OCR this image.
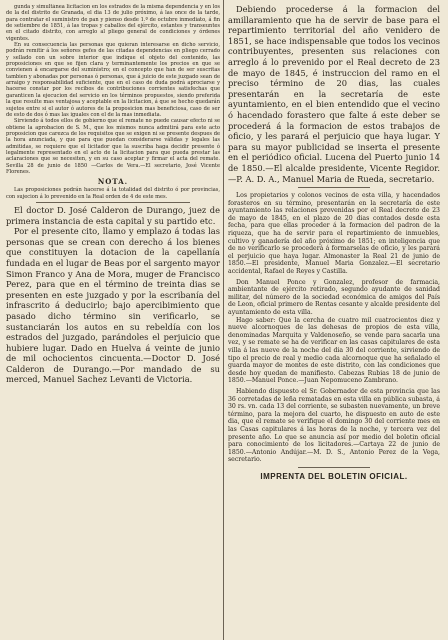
gunda y simultánea licitacion en los estrados de la misma dependencia y en los de la del distrito de Granada, el dia 13 de julio próximo, á las once de la tarde, para contratar el suministro de pan y pienso desde 1.º de octubre inmediato, á fin de setiembre de 1851, á las tropas y caballos del ejército, estantes y transeuntes en el citado distrito, con arreglo al pliego general de condiciones y órdenes vigentes.

En su consecuencia las personas que quieran interesarse en dicho servicio, podrán remitir á los señores gefes de las citadas dependencias en pliego cerrado y sellado con un sobre interior que indique el objeto del contenido, las proposiciones en que se fijen clara y terminantemente los precios en que se convienen á encargarse del suministro; en el concepto que han de ser suscritas tambien y abonadas por personas ó personas, que á juicio de este juzgado sean de arraigo y responsabilidad suficiente, que en el caso de duda podrá aprociarse y hacerse constar por los recibos de contribuciones corrientes satisfechas que garanticen la ejecucion del servicio en los términos propuestos, siendo preferida la que resulte mas ventajosa y aceptable en la licitacion, á que se hecho quedarán sujetos entre si el autor ó autores de la proposicion mas beneficiosa, caso de ser de esto de dos ó mas las iguales con el de la mas inmediata.

Sirviendo á todos ellos de gobierno que el remate no puede causar efecto ni se obtiene la aprobacion de S. M., que los mismos nunca admitirá para este acto proposicion que carezca de los requisitos que se exigen ni se presente despues de la hora anunciada, y que para que puedan considerarse válidas y legales las admitidas, se requiere que el licitador que la suscriba haga decidir presente ó legalmente representado en el acto de la licitacion para que pueda prestar las aclaraciones que se necesiten, y en su caso aceptar y firmar el acta del remate. Sevilla 28 de junio de 1850 —Carlos de Vera.—El secretario, José Vicente Florenes.

NOTA.

Las proposiciones podrán hacerse á la totalidad del distrito ó por provincias, con sujecion á lo prevenido en la Real orden de 4 de este mes.

El doctor D. José Calderon de Durango, juez de primera instancia de esta capital y su partido etc.

Por el presente cito, llamo y emplazo á todas las personas que se crean con derecho á los bienes que constituyen la dotacion de la capellanía fundada en el lugar de Beas por el sargento mayor Simon Franco y Ana de Mora, muger de Francisco Perez, para que en el término de treinta dias se presenten en este juzgado y por la escribanía del infrascrito á deducirlo; bajo apercibimiento que pasado dicho término sin verificarlo, se sustanciarán los autos en su rebeldía con los estrados del juzgado, parándoles el perjuicio que hubiere lugar. Dado en Huelva á veinte de junio de mil ochocientos cincuenta.—Doctor D. José Calderon de Durango.—Por mandado de su merced, Manuel Sachez Levanti de Victoria.

Debiendo procederse á la formacion del amillaramiento que ha de servir de base para el repartimiento territorial del año venidero de 1851, se hace indispensable que todos los vecinos contribuyentes, presenten sus relaciones con arreglo á lo prevenido por el Real decreto de 23 de mayo de 1845, é instruccion del ramo en el preciso término de 20 dias, las cuales presentarán en la secretaría de este ayuntamiento, en el bien entendido que el vecino ó hacendado forastero que falte á este deber se procederá á la formacion de estos trabajos de oficio, y les parará el perjuicio que haya lugar. Y para su mayor publicidad se inserta el presente en el periódico oficial. Lucena del Puerto junio 14 de 1850.—El alcalde presidente, Vicente Regidor.—P. A. D. A., Manuel Maria de Rueda, secretario.

Los propietarios y colonos vecinos de esta villa, y hacendados forasteros en su término, presentarán en la secretaría de este ayuntamiento las relaciones prevenidas por el Real decreto de 23 de mayo de 1845, en el plazo de 20 dias contados desde esta fecha, para que ellas proceder á la formacion del padron de la riqueza, que ha de servir para el repartimiento de inmuebles, cultivo y ganadería del año próximo de 1851; en inteligencia que de no verificarlo se procederá á formarselas de oficio, y les parará el perjuicio que haya lugar. Almonaster la Real 21 de junio de 1850.—El presidente, Manuel Maria Gonzalez.—El secretario accidental, Rafael de Reyes y Castilla.

Don Manuel Ponce y Gonzalez, profesor de farmacia, ambientante de ejército retirado, segundo ayudante de sanidad militar, del número de la sociedad económica de amigos del País de Leon, oficial primero de Rentas cesante y alcalde presidente del ayuntamiento de esta villa.

Hago saber: Que la cercha de cuatro mil cuatrocientos diez y nueve alcornoques de las dehesas de propios de esta villa, denominadas Marquita y Valdenoseño, se vende para sacarla una vez, y se remate se ha de verificar en las casas capitulares de esta villa á las nueve de la noche del dia 30 del corriente, sirviendo de tipo el precio de real y medio cada alcornoque que ha señalado el guarda mayor de montes de este distrito, con las condiciones que desde hoy quedan de manifiesto. Cabezas Rubias 18 de junio de 1850.—Manuel Ponce.—Juan Nepomuceno Zambrano.

Habiendo dispuesto el Sr. Gobernador de esta provincia que las 36 corretadas de leña rematadas en esta villa en pública subasta, á 30 rs. vn. cada 13 del corriente, se subasten nuevamente, un breve término, para la mejora del cuarto, he dispuesto en auto de este dia, que el remate se verifique el domingo 30 del corriente mes en las Casas capitulares á las horas de la noche, y tercera vez del presente año. Lo que se anuncia así por medio del boletin oficial para conocimiento de los licitadores.—Cartaya 22 de junio de 1850.—Antonio Andújar.—M. D. S., Antonio Perez de la Vega, secretario.

IMPRENTA DEL BOLETIN OFICIAL.
